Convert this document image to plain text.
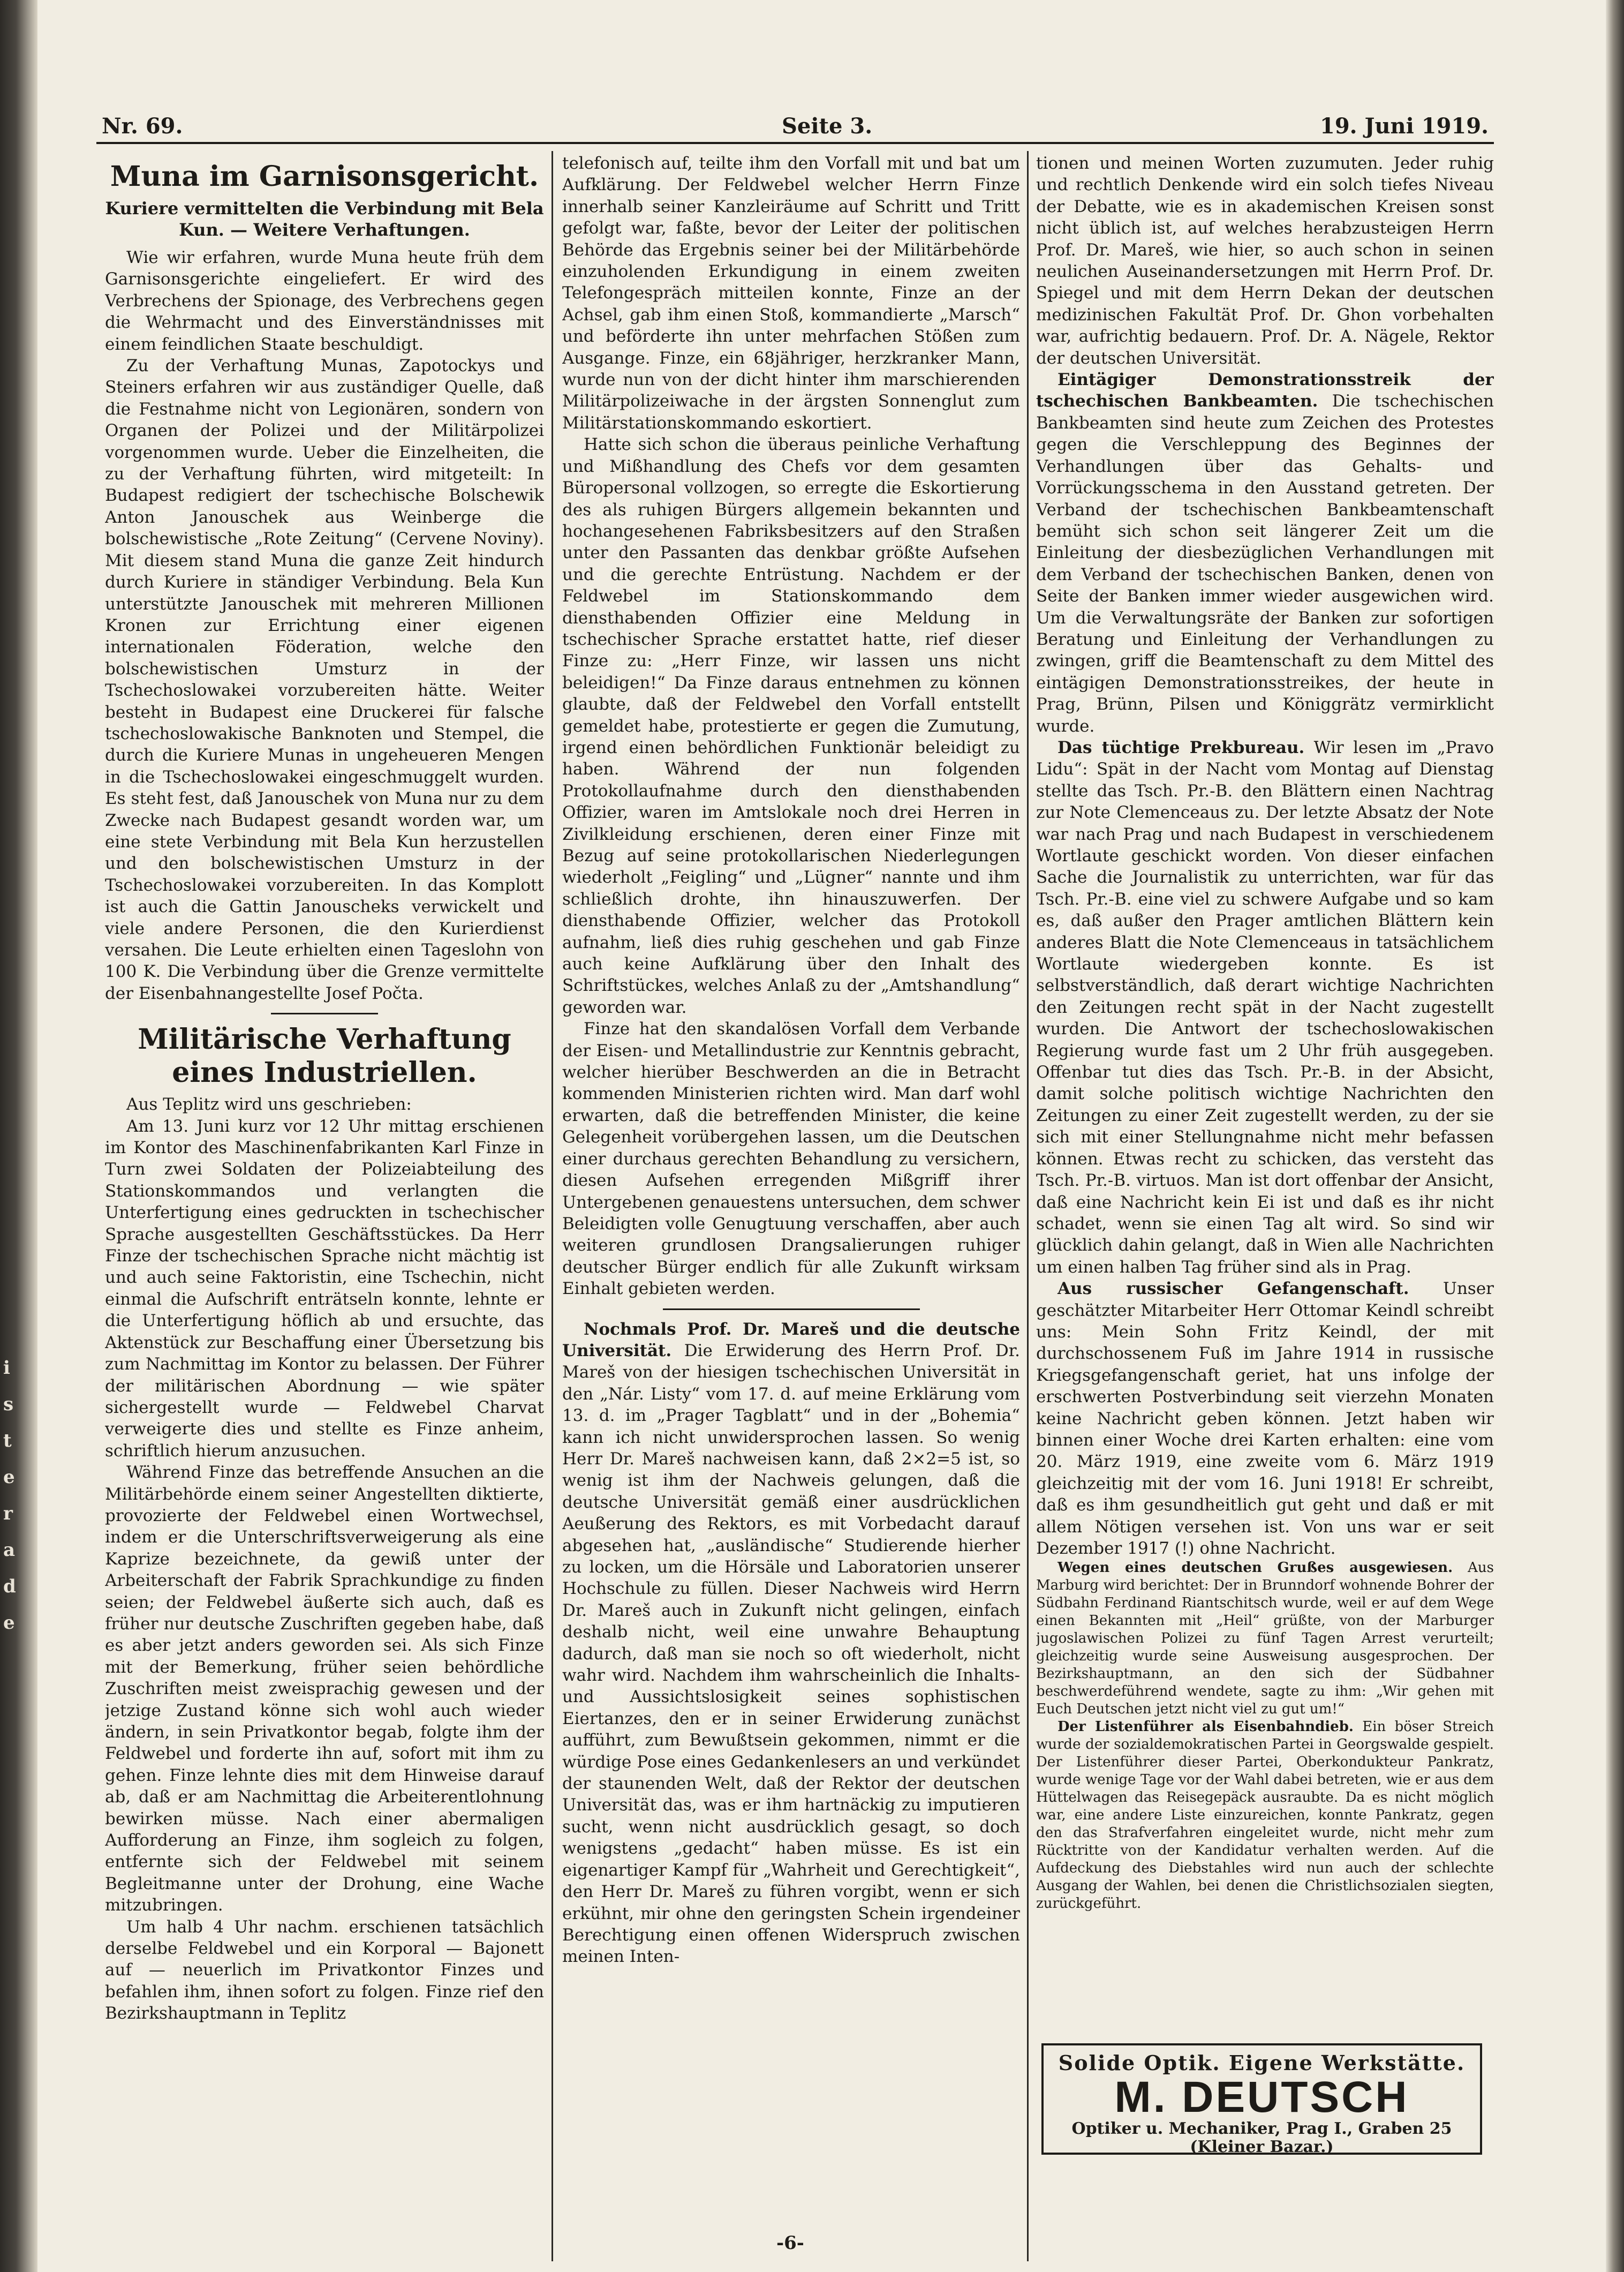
i
s
t
e
r
a
d
e
Nr. 69.	Seite 3.	19. Juni 1919.
Muna im Garnisonsgericht.
Kuriere vermittelten die Verbindung mit Bela Kun. — Weitere Verhaftungen.

Wie wir erfahren, wurde Muna heute früh dem Garnisonsgerichte eingeliefert. Er wird des Verbrechens der Spionage, des Verbrechens gegen die Wehrmacht und des Einverständnisses mit einem feindlichen Staate beschuldigt.

Zu der Verhaftung Munas, Zapotockys und Steiners erfahren wir aus zuständiger Quelle, daß die Festnahme nicht von Legionären, sondern von Organen der Polizei und der Militärpolizei vorgenommen wurde. Ueber die Einzelheiten, die zu der Verhaftung führten, wird mitgeteilt: In Budapest redigiert der tschechische Bolschewik Anton Janouschek aus Weinberge die bolschewistische „Rote Zeitung“ (Cervene Noviny). Mit diesem stand Muna die ganze Zeit hindurch durch Kuriere in ständiger Verbindung. Bela Kun unterstützte Janouschek mit mehreren Millionen Kronen zur Errichtung einer eigenen internationalen Föderation, welche den bolschewistischen Umsturz in der Tschechoslowakei vorzubereiten hätte. Weiter besteht in Budapest eine Druckerei für falsche tschechoslowakische Banknoten und Stempel, die durch die Kuriere Munas in ungeheueren Mengen in die Tschechoslowakei eingeschmuggelt wurden. Es steht fest, daß Janouschek von Muna nur zu dem Zwecke nach Budapest gesandt worden war, um eine stete Verbindung mit Bela Kun herzustellen und den bolschewistischen Umsturz in der Tschechoslowakei vorzubereiten. In das Komplott ist auch die Gattin Janouscheks verwickelt und viele andere Personen, die den Kurierdienst versahen. Die Leute erhielten einen Tageslohn von 100 K. Die Verbindung über die Grenze vermittelte der Eisenbahnangestellte Josef Počta.

Militärische Verhaftung eines Industriellen.

Aus Teplitz wird uns geschrieben:

Am 13. Juni kurz vor 12 Uhr mittag erschienen im Kontor des Maschinenfabrikanten Karl Finze in Turn zwei Soldaten der Polizeiabteilung des Stationskommandos und verlangten die Unterfertigung eines gedruckten in tschechischer Sprache ausgestellten Geschäftsstückes. Da Herr Finze der tschechischen Sprache nicht mächtig ist und auch seine Faktoristin, eine Tschechin, nicht einmal die Aufschrift enträtseln konnte, lehnte er die Unterfertigung höflich ab und ersuchte, das Aktenstück zur Beschaffung einer Übersetzung bis zum Nachmittag im Kontor zu belassen. Der Führer der militärischen Abordnung — wie später sichergestellt wurde — Feldwebel Charvat verweigerte dies und stellte es Finze anheim, schriftlich hierum anzusuchen.

Während Finze das betreffende Ansuchen an die Militärbehörde einem seiner Angestellten diktierte, provozierte der Feldwebel einen Wortwechsel, indem er die Unterschriftsverweigerung als eine Kaprize bezeichnete, da gewiß unter der Arbeiterschaft der Fabrik Sprachkundige zu finden seien; der Feldwebel äußerte sich auch, daß es früher nur deutsche Zuschriften gegeben habe, daß es aber jetzt anders geworden sei. Als sich Finze mit der Bemerkung, früher seien behördliche Zuschriften meist zweisprachig gewesen und der jetzige Zustand könne sich wohl auch wieder ändern, in sein Privatkontor begab, folgte ihm der Feldwebel und forderte ihn auf, sofort mit ihm zu gehen. Finze lehnte dies mit dem Hinweise darauf ab, daß er am Nachmittag die Arbeiterentlohnung bewirken müsse. Nach einer abermaligen Aufforderung an Finze, ihm sogleich zu folgen, entfernte sich der Feldwebel mit seinem Begleitmanne unter der Drohung, eine Wache mitzubringen.

Um halb 4 Uhr nachm. erschienen tatsächlich derselbe Feldwebel und ein Korporal — Bajonett auf — neuerlich im Privatkontor Finzes und befahlen ihm, ihnen sofort zu folgen. Finze rief den Bezirkshauptmann in Teplitz

telefonisch auf, teilte ihm den Vorfall mit und bat um Aufklärung. Der Feldwebel welcher Herrn Finze innerhalb seiner Kanzleiräume auf Schritt und Tritt gefolgt war, faßte, bevor der Leiter der politischen Behörde das Ergebnis seiner bei der Militärbehörde einzuholenden Erkundigung in einem zweiten Telefongespräch mitteilen konnte, Finze an der Achsel, gab ihm einen Stoß, kommandierte „Marsch“ und beförderte ihn unter mehrfachen Stößen zum Ausgange. Finze, ein 68jähriger, herzkranker Mann, wurde nun von der dicht hinter ihm marschierenden Militärpolizeiwache in der ärgsten Sonnenglut zum Militärstationskommando eskortiert.

Hatte sich schon die überaus peinliche Verhaftung und Mißhandlung des Chefs vor dem gesamten Büropersonal vollzogen, so erregte die Eskortierung des als ruhigen Bürgers allgemein bekannten und hochangesehenen Fabriksbesitzers auf den Straßen unter den Passanten das denkbar größte Aufsehen und die gerechte Entrüstung. Nachdem er der Feldwebel im Stationskommando dem diensthabenden Offizier eine Meldung in tschechischer Sprache erstattet hatte, rief dieser Finze zu: „Herr Finze, wir lassen uns nicht beleidigen!“ Da Finze daraus entnehmen zu können glaubte, daß der Feldwebel den Vorfall entstellt gemeldet habe, protestierte er gegen die Zumutung, irgend einen behördlichen Funktionär beleidigt zu haben. Während der nun folgenden Protokollaufnahme durch den diensthabenden Offizier, waren im Amtslokale noch drei Herren in Zivilkleidung erschienen, deren einer Finze mit Bezug auf seine protokollarischen Niederlegungen wiederholt „Feigling“ und „Lügner“ nannte und ihm schließlich drohte, ihn hinauszuwerfen. Der diensthabende Offizier, welcher das Protokoll aufnahm, ließ dies ruhig geschehen und gab Finze auch keine Aufklärung über den Inhalt des Schriftstückes, welches Anlaß zu der „Amtshandlung“ geworden war.

Finze hat den skandalösen Vorfall dem Verbande der Eisen- und Metallindustrie zur Kenntnis gebracht, welcher hierüber Beschwerden an die in Betracht kommenden Ministerien richten wird. Man darf wohl erwarten, daß die betreffenden Minister, die keine Gelegenheit vorübergehen lassen, um die Deutschen einer durchaus gerechten Behandlung zu versichern, diesen Aufsehen erregenden Mißgriff ihrer Untergebenen genauestens untersuchen, dem schwer Beleidigten volle Genugtuung verschaffen, aber auch weiteren grundlosen Drangsalierungen ruhiger deutscher Bürger endlich für alle Zukunft wirksam Einhalt gebieten werden.

Nochmals Prof. Dr. Mareš und die deutsche Universität. Die Erwiderung des Herrn Prof. Dr. Mareš von der hiesigen tschechischen Universität in den „Nár. Listy“ vom 17. d. auf meine Erklärung vom 13. d. im „Prager Tagblatt“ und in der „Bohemia“ kann ich nicht unwidersprochen lassen. So wenig Herr Dr. Mareš nachweisen kann, daß 2×2=5 ist, so wenig ist ihm der Nachweis gelungen, daß die deutsche Universität gemäß einer ausdrücklichen Aeußerung des Rektors, es mit Vorbedacht darauf abgesehen hat, „ausländische“ Studierende hierher zu locken, um die Hörsäle und Laboratorien unserer Hochschule zu füllen. Dieser Nachweis wird Herrn Dr. Mareš auch in Zukunft nicht gelingen, einfach deshalb nicht, weil eine unwahre Behauptung dadurch, daß man sie noch so oft wiederholt, nicht wahr wird. Nachdem ihm wahrscheinlich die Inhalts- und Aussichtslosigkeit seines sophistischen Eiertanzes, den er in seiner Erwiderung zunächst aufführt, zum Bewußtsein gekommen, nimmt er die würdige Pose eines Gedankenlesers an und verkündet der staunenden Welt, daß der Rektor der deutschen Universität das, was er ihm hartnäckig zu imputieren sucht, wenn nicht ausdrücklich gesagt, so doch wenigstens „gedacht“ haben müsse. Es ist ein eigenartiger Kampf für „Wahrheit und Gerechtigkeit“, den Herr Dr. Mareš zu führen vorgibt, wenn er sich erkühnt, mir ohne den geringsten Schein irgendeiner Berechtigung einen offenen Widerspruch zwischen meinen Inten-

tionen und meinen Worten zuzumuten. Jeder ruhig und rechtlich Denkende wird ein solch tiefes Niveau der Debatte, wie es in akademischen Kreisen sonst nicht üblich ist, auf welches herabzusteigen Herrn Prof. Dr. Mareš, wie hier, so auch schon in seinen neulichen Auseinandersetzungen mit Herrn Prof. Dr. Spiegel und mit dem Herrn Dekan der deutschen medizinischen Fakultät Prof. Dr. Ghon vorbehalten war, aufrichtig bedauern. Prof. Dr. A. Nägele, Rektor der deutschen Universität.

Eintägiger Demonstrationsstreik der tschechischen Bankbeamten. Die tschechischen Bankbeamten sind heute zum Zeichen des Protestes gegen die Verschleppung des Beginnes der Verhandlungen über das Gehalts- und Vorrückungsschema in den Ausstand getreten. Der Verband der tschechischen Bankbeamtenschaft bemüht sich schon seit längerer Zeit um die Einleitung der diesbezüglichen Verhandlungen mit dem Verband der tschechischen Banken, denen von Seite der Banken immer wieder ausgewichen wird. Um die Verwaltungsräte der Banken zur sofortigen Beratung und Einleitung der Verhandlungen zu zwingen, griff die Beamtenschaft zu dem Mittel des eintägigen Demonstrationsstreikes, der heute in Prag, Brünn, Pilsen und Königgrätz vermirklicht wurde.

Das tüchtige Prekbureau. Wir lesen im „Pravo Lidu“: Spät in der Nacht vom Montag auf Dienstag stellte das Tsch. Pr.-B. den Blättern einen Nachtrag zur Note Clemenceaus zu. Der letzte Absatz der Note war nach Prag und nach Budapest in verschiedenem Wortlaute geschickt worden. Von dieser einfachen Sache die Journalistik zu unterrichten, war für das Tsch. Pr.-B. eine viel zu schwere Aufgabe und so kam es, daß außer den Prager amtlichen Blättern kein anderes Blatt die Note Clemenceaus in tatsächlichem Wortlaute wiedergeben konnte. Es ist selbstverständlich, daß derart wichtige Nachrichten den Zeitungen recht spät in der Nacht zugestellt wurden. Die Antwort der tschechoslowakischen Regierung wurde fast um 2 Uhr früh ausgegeben. Offenbar tut dies das Tsch. Pr.-B. in der Absicht, damit solche politisch wichtige Nachrichten den Zeitungen zu einer Zeit zugestellt werden, zu der sie sich mit einer Stellungnahme nicht mehr befassen können. Etwas recht zu schicken, das versteht das Tsch. Pr.-B. virtuos. Man ist dort offenbar der Ansicht, daß eine Nachricht kein Ei ist und daß es ihr nicht schadet, wenn sie einen Tag alt wird. So sind wir glücklich dahin gelangt, daß in Wien alle Nachrichten um einen halben Tag früher sind als in Prag.

Aus russischer Gefangenschaft. Unser geschätzter Mitarbeiter Herr Ottomar Keindl schreibt uns: Mein Sohn Fritz Keindl, der mit durchschossenem Fuß im Jahre 1914 in russische Kriegsgefangenschaft geriet, hat uns infolge der erschwerten Postverbindung seit vierzehn Monaten keine Nachricht geben können. Jetzt haben wir binnen einer Woche drei Karten erhalten: eine vom 20. März 1919, eine zweite vom 6. März 1919 gleichzeitig mit der vom 16. Juni 1918! Er schreibt, daß es ihm gesundheitlich gut geht und daß er mit allem Nötigen versehen ist. Von uns war er seit Dezember 1917 (!) ohne Nachricht.

Wegen eines deutschen Grußes ausgewiesen. Aus Marburg wird berichtet: Der in Brunndorf wohnende Bohrer der Südbahn Ferdinand Riantschitsch wurde, weil er auf dem Wege einen Bekannten mit „Heil“ grüßte, von der Marburger jugoslawischen Polizei zu fünf Tagen Arrest verurteilt; gleichzeitig wurde seine Ausweisung ausgesprochen. Der Bezirkshauptmann, an den sich der Südbahner beschwerdeführend wendete, sagte zu ihm: „Wir gehen mit Euch Deutschen jetzt nicht viel zu gut um!“

Der Listenführer als Eisenbahndieb. Ein böser Streich wurde der sozialdemokratischen Partei in Georgswalde gespielt. Der Listenführer dieser Partei, Oberkondukteur Pankratz, wurde wenige Tage vor der Wahl dabei betreten, wie er aus dem Hüttelwagen das Reisegepäck ausraubte. Da es nicht möglich war, eine andere Liste einzureichen, konnte Pankratz, gegen den das Strafverfahren eingeleitet wurde, nicht mehr zum Rücktritte von der Kandidatur verhalten werden. Auf die Aufdeckung des Diebstahles wird nun auch der schlechte Ausgang der Wahlen, bei denen die Christlichsozialen siegten, zurückgeführt.

Solide Optik. Eigene Werkstätte.
M. DEUTSCH
Optiker u. Mechaniker, Prag I., Graben 25
(Kleiner Bazar.)
-6-
